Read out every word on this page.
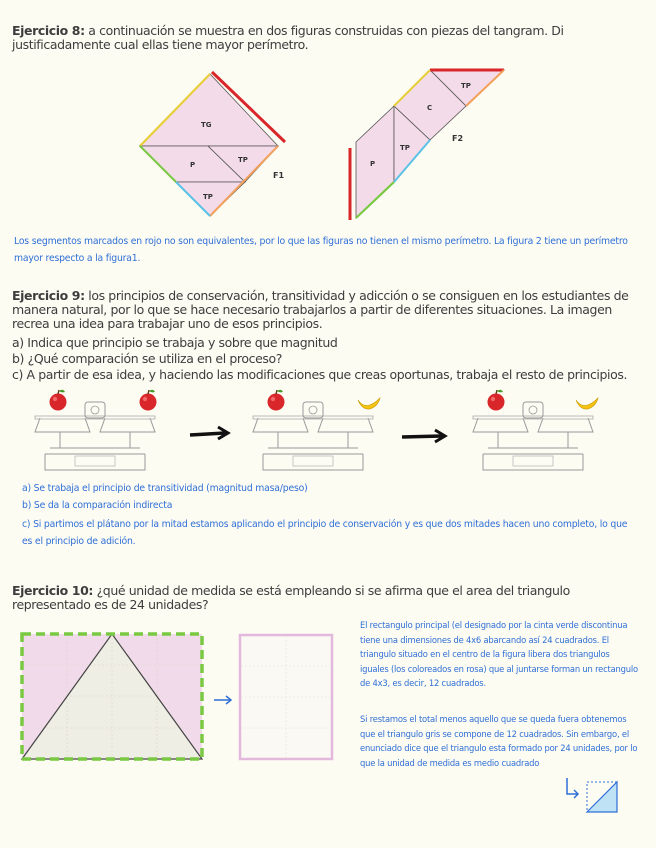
Ejercicio 8: a continuación se muestra en dos figuras construidas con piezas del tangram. Di justificadamente cual ellas tiene mayor perímetro.
TG
P
TP
TP
F1
TP
C
P
TP
F2
Los segmentos marcados en rojo no son equivalentes, por lo que las figuras no tienen el mismo perímetro. La figura 2 tiene un perímetro mayor respecto a la figura1.
Ejercicio 9: los principios de conservación, transitividad y adicción o se consiguen en los estudiantes de manera natural, por lo que se hace necesario trabajarlos a partir de diferentes situaciones. La imagen recrea una idea para trabajar uno de esos principios.
a) Indica que principio se trabaja y sobre que magnitud
b) ¿Qué comparación se utiliza en el proceso?
c) A partir de esa idea, y haciendo las modificaciones que creas oportunas, trabaja el resto de principios.
a) Se trabaja el principio de transitividad (magnitud masa/peso)
b) Se da la comparación indirecta
c) Si partimos el plátano por la mitad estamos aplicando el principio de conservación y es que dos mitades hacen uno completo, lo que es el principio de adición.
Ejercicio 10: ¿qué unidad de medida se está empleando si se afirma que el area del triangulo representado es de 24 unidades?
El rectangulo principal (el designado por la cinta verde discontinua tiene una dimensiones de 4x6 abarcando así 24 cuadrados. El triangulo situado en el centro de la figura libera dos triangulos iguales (los coloreados en rosa) que al juntarse forman un rectangulo de 4x3, es decir, 12 cuadrados.
Si restamos el total menos aquello que se queda fuera obtenemos que el triangulo gris se compone de 12 cuadrados. Sin embargo, el enunciado dice que el triangulo esta formado por 24 unidades, por lo que la unidad de medida es medio cuadrado
